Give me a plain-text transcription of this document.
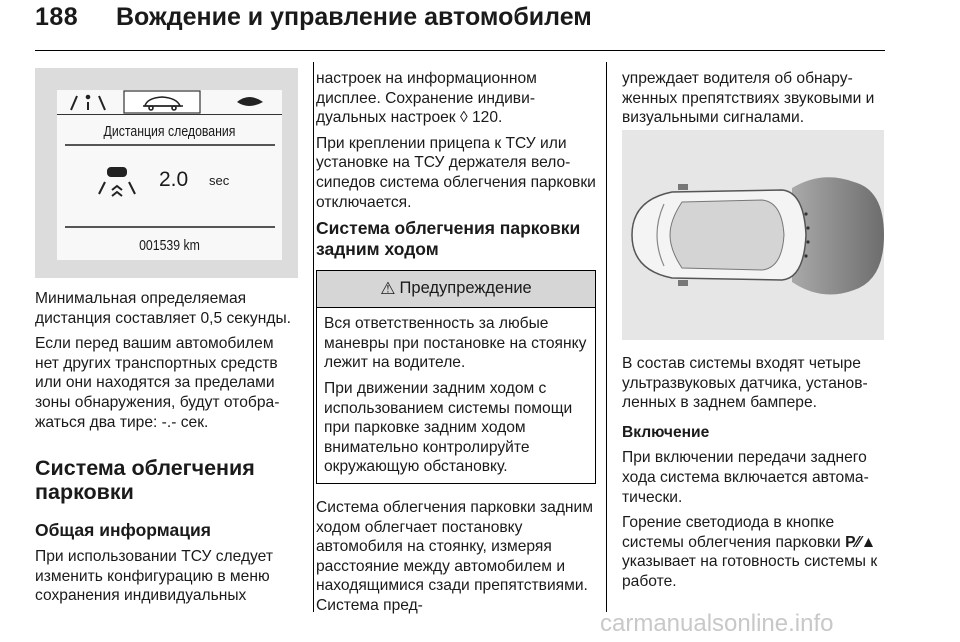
188 Вождение и управление автомобилем
Дистанция следования
2.0 sec
001539 km

Минимальная определяемая дистанция составляет 0,5 секунды.

Если перед вашим автомобилем нет других транспортных средств или они находятся за пределами зоны обнаружения, будут отображаться два тире: -.- сек.

Система облегчения парковки
Общая информация

При использовании ТСУ следует изменить конфигурацию в меню сохранения индивидуальных

настроек на информационном дисплее. Сохранение индивидуальных настроек ◊ 120.

При креплении прицепа к ТСУ или установке на ТСУ держателя велосипедов система облегчения парковки отключается.

Система облегчения парковки задним ходом
⚠ Предупреждение

Вся ответственность за любые маневры при постановке на стоянку лежит на водителе.

При движении задним ходом с использованием системы помощи при парковке задним ходом внимательно контролируйте окружающую обстановку.

Система облегчения парковки задним ходом облегчает постановку автомобиля на стоянку, измеряя расстояние между автомобилем и находящимися сзади препятствиями. Система пред-

упреждает водителя об обнаруженных препятствиях звуковыми и визуальными сигналами.

В состав системы входят четыре ультразвуковых датчика, установленных в заднем бампере.

Включение

При включении передачи заднего хода система включается автоматически.

Горение светодиода в кнопке системы облегчения парковки P⁄⁄▲ указывает на готовность системы к работе.

carmanualsonline.info
